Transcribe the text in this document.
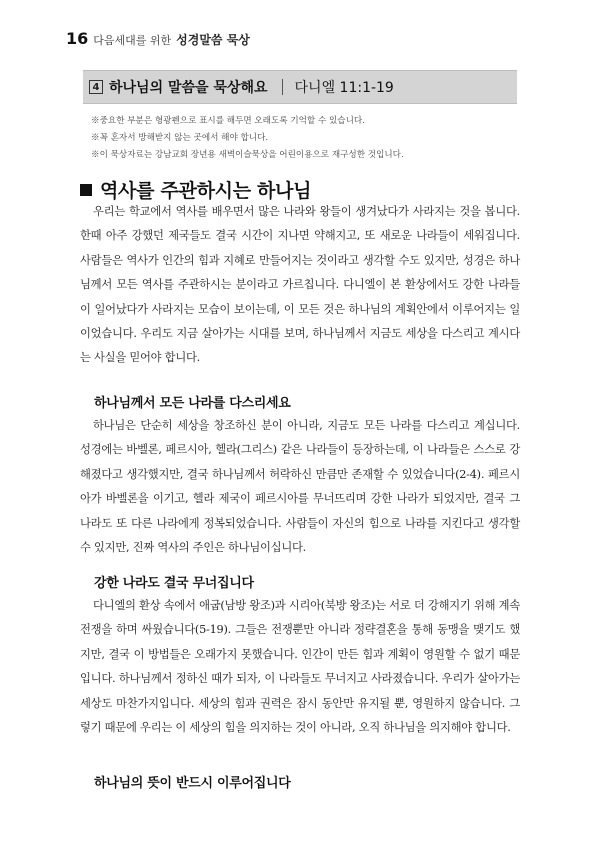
16 다음세대를 위한 성경말씀 묵상
4 하나님의 말씀을 묵상해요 다니엘 11:1-19
※중요한 부분은 형광펜으로 표시를 해두면 오래도록 기억할 수 있습니다.
※꼭 혼자서 방해받지 않는 곳에서 해야 합니다.
※이 묵상자료는 강남교회 장년용 새벽이슬묵상을 어린이용으로 재구성한 것입니다.
역사를 주관하시는 하나님

우리는 학교에서 역사를 배우면서 많은 나라와 왕들이 생겨났다가 사라지는 것을 봅니다. 한때 아주 강했던 제국들도 결국 시간이 지나면 약해지고, 또 새로운 나라들이 세워집니다. 사람들은 역사가 인간의 힘과 지혜로 만들어지는 것이라고 생각할 수도 있지만, 성경은 하나님께서 모든 역사를 주관하시는 분이라고 가르칩니다. 다니엘이 본 환상에서도 강한 나라들이 일어났다가 사라지는 모습이 보이는데, 이 모든 것은 하나님의 계획안에서 이루어지는 일이었습니다. 우리도 지금 살아가는 시대를 보며, 하나님께서 지금도 세상을 다스리고 계시다는 사실을 믿어야 합니다.

하나님께서 모든 나라를 다스리세요

하나님은 단순히 세상을 창조하신 분이 아니라, 지금도 모든 나라를 다스리고 계십니다. 성경에는 바벨론, 페르시아, 헬라(그리스) 같은 나라들이 등장하는데, 이 나라들은 스스로 강해졌다고 생각했지만, 결국 하나님께서 허락하신 만큼만 존재할 수 있었습니다(2-4). 페르시아가 바벨론을 이기고, 헬라 제국이 페르시아를 무너뜨리며 강한 나라가 되었지만, 결국 그 나라도 또 다른 나라에게 정복되었습니다. 사람들이 자신의 힘으로 나라를 지킨다고 생각할 수 있지만, 진짜 역사의 주인은 하나님이십니다.

강한 나라도 결국 무너집니다

다니엘의 환상 속에서 애굽(남방 왕조)과 시리아(북방 왕조)는 서로 더 강해지기 위해 계속 전쟁을 하며 싸웠습니다(5-19). 그들은 전쟁뿐만 아니라 정략결혼을 통해 동맹을 맺기도 했지만, 결국 이 방법들은 오래가지 못했습니다. 인간이 만든 힘과 계획이 영원할 수 없기 때문입니다. 하나님께서 정하신 때가 되자, 이 나라들도 무너지고 사라졌습니다. 우리가 살아가는 세상도 마찬가지입니다. 세상의 힘과 권력은 잠시 동안만 유지될 뿐, 영원하지 않습니다. 그렇기 때문에 우리는 이 세상의 힘을 의지하는 것이 아니라, 오직 하나님을 의지해야 합니다.

하나님의 뜻이 반드시 이루어집니다
